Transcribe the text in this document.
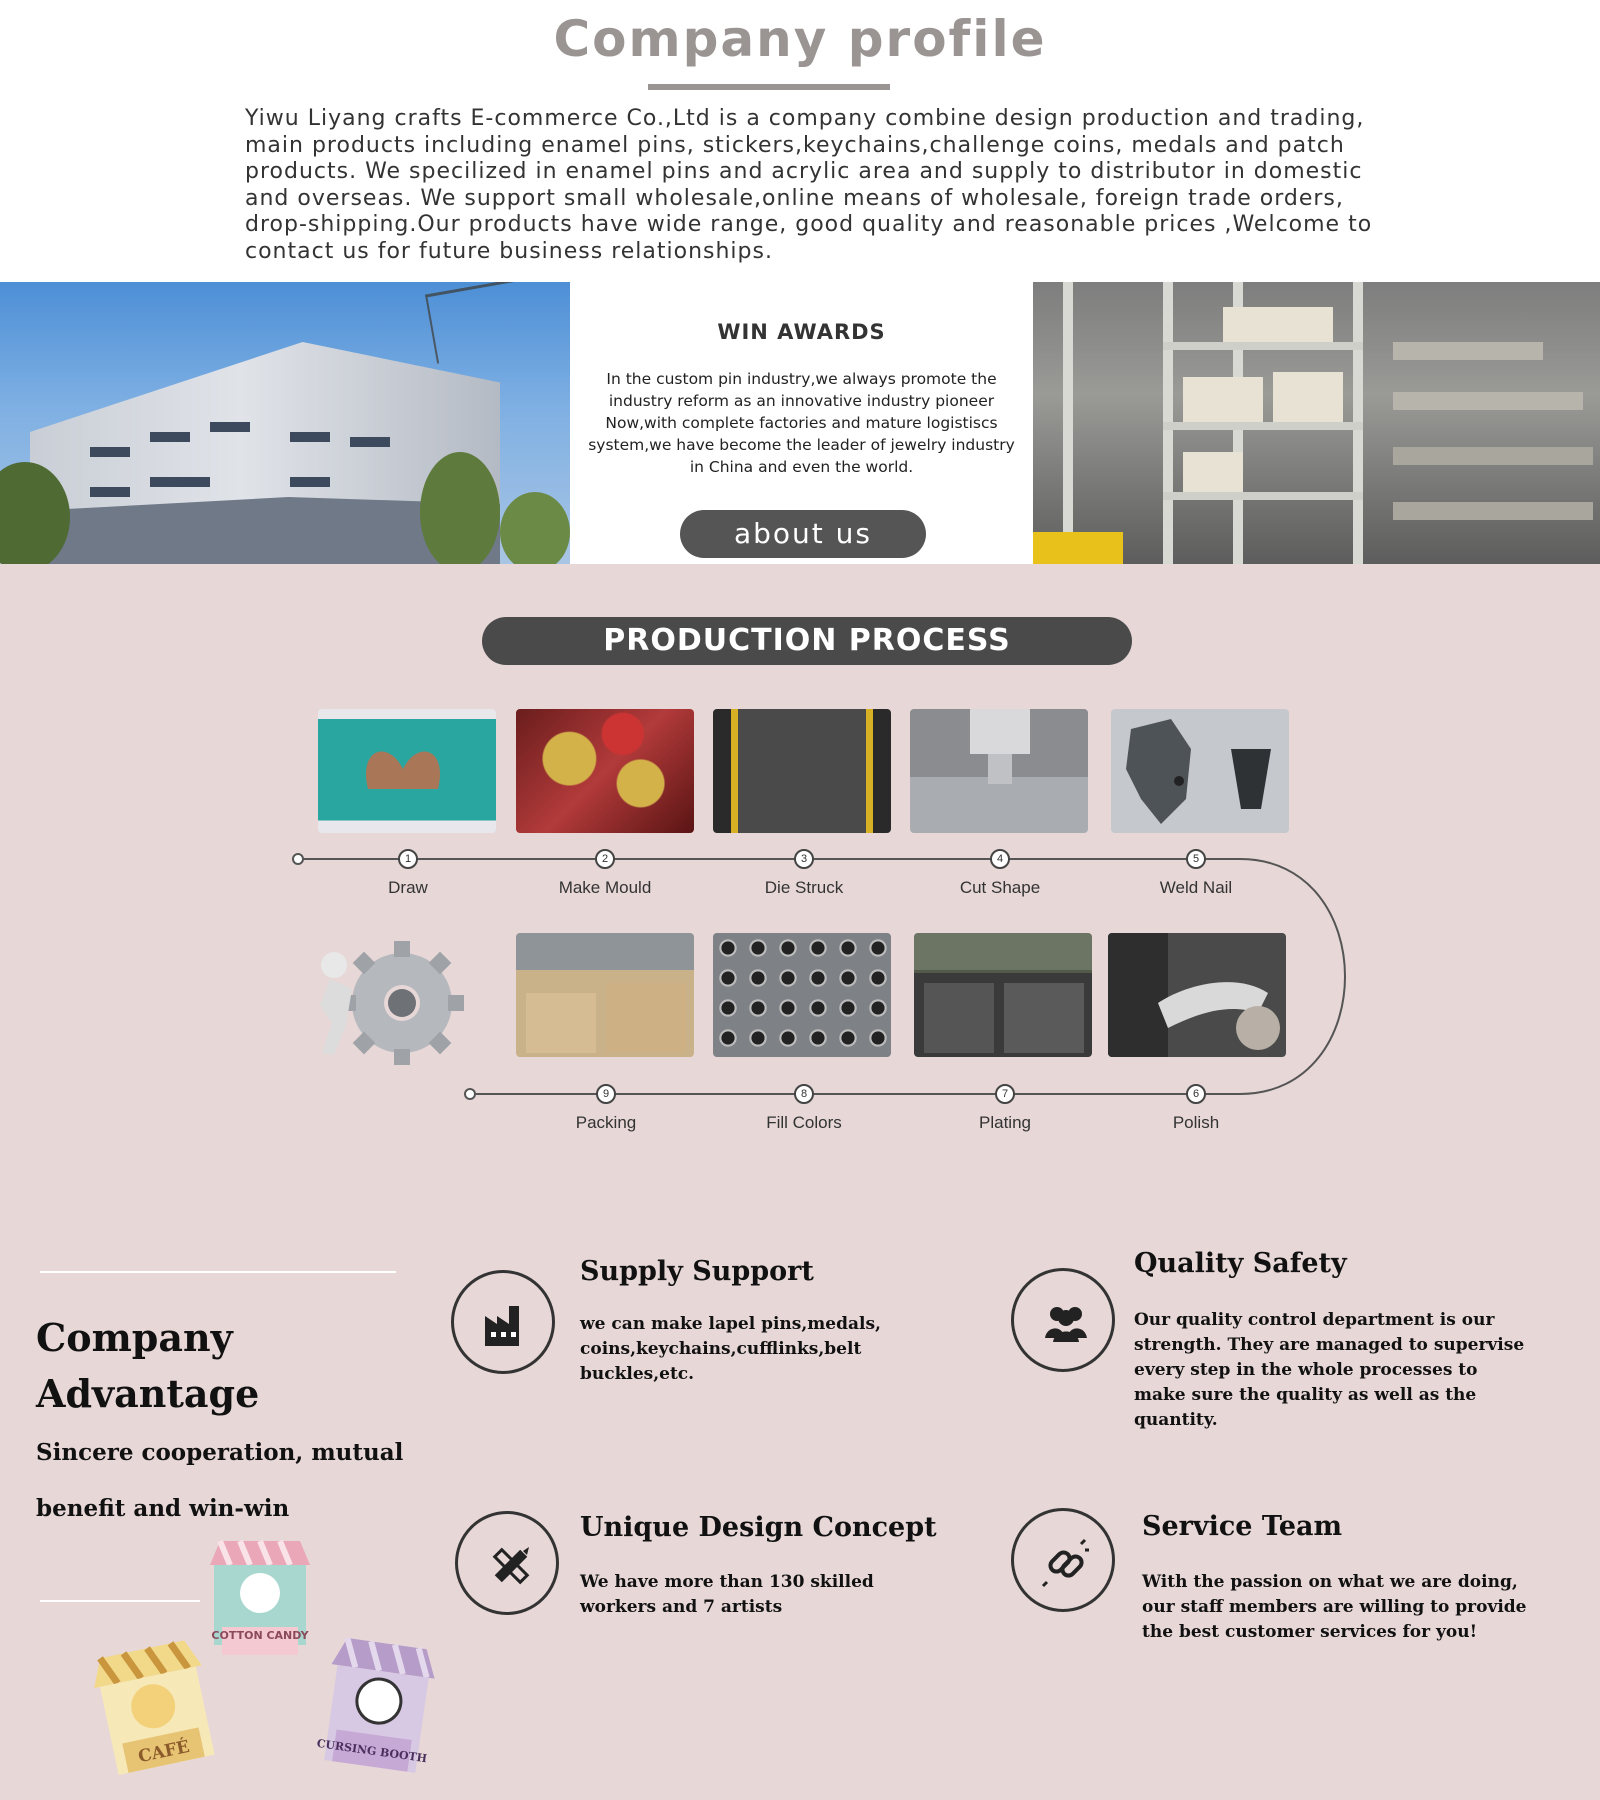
Company profile

Yiwu Liyang crafts E-commerce Co.,Ltd is a company combine design production and trading, main products including enamel pins, stickers,keychains,challenge coins, medals and patch products. We specilized in enamel pins and acrylic area and supply to distributor in domestic and overseas. We support small wholesale,online means of wholesale, foreign trade orders, drop-shipping.Our products have wide range, good quality and reasonable prices ,Welcome to contact us for future business relationships.

WIN AWARDS

In the custom pin industry,we always promote the industry reform as an innovative industry pioneer Now,with complete factories and mature logistiscs system,we have become the leader of jewelry industry in China and even the world.

about us
PRODUCTION PROCESS
1
Draw
2
Make Mould
3
Die Struck
4
Cut Shape
5
Weld Nail
6
Polish
7
Plating
8
Fill Colors
9
Packing
Company Advantage

Sincere cooperation, mutual benefit and win-win

Supply Support

we can make lapel pins,medals, coins,keychains,cufflinks,belt buckles,etc.

Quality Safety

Our quality control department is our strength. They are managed to supervise every step in the whole processes to make sure the quality as well as the quantity.

Unique Design Concept

We have more than 130 skilled workers and 7 artists

Service Team

With the passion on what we are doing, our staff members are willing to provide the best customer services for you!

COTTON CANDY
CAFÉ	CURSING BOOTH
